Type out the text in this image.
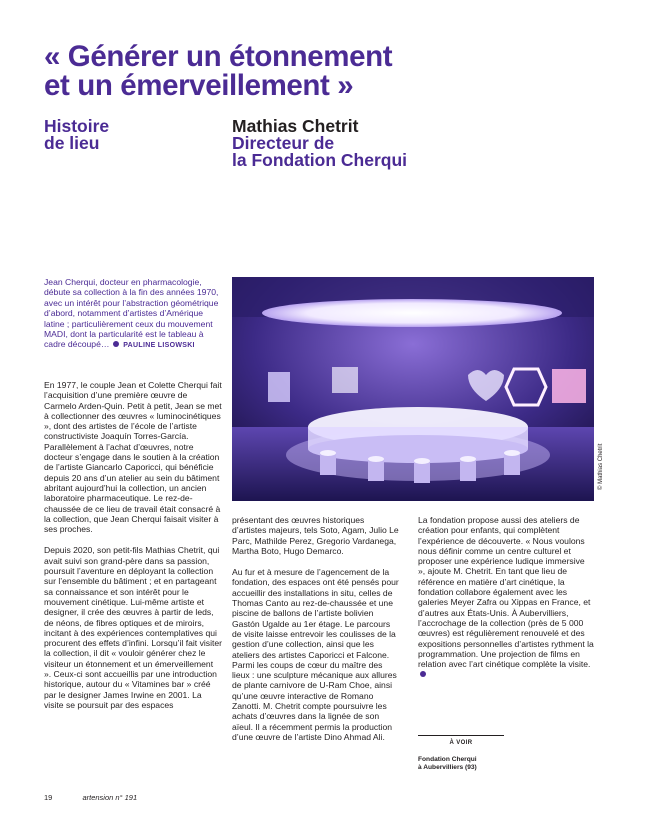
« Générer un étonnement
et un émerveillement »
Histoire
de lieu
Mathias Chetrit
Directeur de
la Fondation Cherqui
Jean Cherqui, docteur en pharmacologie, débute sa collection à la fin des années 1970, avec un intérêt pour l’abstraction géométrique d’abord, notamment d’artistes d’Amérique latine ; particulièrement ceux du mouvement MADI, dont la particularité est le tableau à cadre découpé… PAULINE LISOWSKI

En 1977, le couple Jean et Colette Cherqui fait l’acquisition d’une première œuvre de Carmelo Arden-Quin. Petit à petit, Jean se met à collectionner des œuvres « luminocinétiques », dont des artistes de l’école de l’artiste constructiviste Joaquín Torres-García. Parallèlement à l’achat d’œuvres, notre docteur s’engage dans le soutien à la création de l’artiste Giancarlo Caporicci, qui bénéficie depuis 20 ans d’un atelier au sein du bâtiment abritant aujourd’hui la collection, un ancien laboratoire pharmaceutique. Le rez-de-chaussée de ce lieu de travail était consacré à la collection, que Jean Cherqui faisait visiter à ses proches.

Depuis 2020, son petit-fils Mathias Chetrit, qui avait suivi son grand-père dans sa passion, poursuit l’aventure en déployant la collection sur l’ensemble du bâtiment ; et en partageant sa connaissance et son intérêt pour le mouvement cinétique. Lui-même artiste et designer, il crée des œuvres à partir de leds, de néons, de fibres optiques et de miroirs, incitant à des expériences contemplatives qui procurent des effets d’infini. Lorsqu’il fait visiter la collection, il dit « vouloir générer chez le visiteur un étonnement et un émerveillement ». Ceux-ci sont accueillis par une introduction historique, autour du « Vitamines bar » créé par le designer James Irwine en 2001. La visite se poursuit par des espaces

© Mathias Chetrit

présentant des œuvres historiques d’artistes majeurs, tels Soto, Agam, Julio Le Parc, Mathilde Perez, Gregorio Vardanega, Martha Boto, Hugo Demarco.

Au fur et à mesure de l’agencement de la fondation, des espaces ont été pensés pour accueillir des installations in situ, celles de Thomas Canto au rez-de-chaussée et une piscine de ballons de l’artiste bolivien Gastón Ugalde au 1er étage. Le parcours de visite laisse entrevoir les coulisses de la gestion d’une collection, ainsi que les ateliers des artistes Caporicci et Falcone. Parmi les coups de cœur du maître des lieux : une sculpture mécanique aux allures de plante carnivore de U-Ram Choe, ainsi qu’une œuvre interactive de Romano Zanotti. M. Chetrit compte poursuivre les achats d’œuvres dans la lignée de son aïeul. Il a récemment permis la production d’une œuvre de l’artiste Dino Ahmad Ali.

La fondation propose aussi des ateliers de création pour enfants, qui complètent l’expérience de découverte. « Nous voulons nous définir comme un centre culturel et proposer une expérience ludique immersive », ajoute M. Chetrit. En tant que lieu de référence en matière d’art cinétique, la fondation collabore également avec les galeries Meyer Zafra ou Xippas en France, et d’autres aux États-Unis. À Aubervilliers, l’accrochage de la collection (près de 5 000 œuvres) est régulièrement renouvelé et des expositions personnelles d’artistes rythment la programmation. Une projection de films en relation avec l’art cinétique complète la visite.

À VOIR
Fondation Cherqui
à Aubervilliers (93)
19	artension n° 191
